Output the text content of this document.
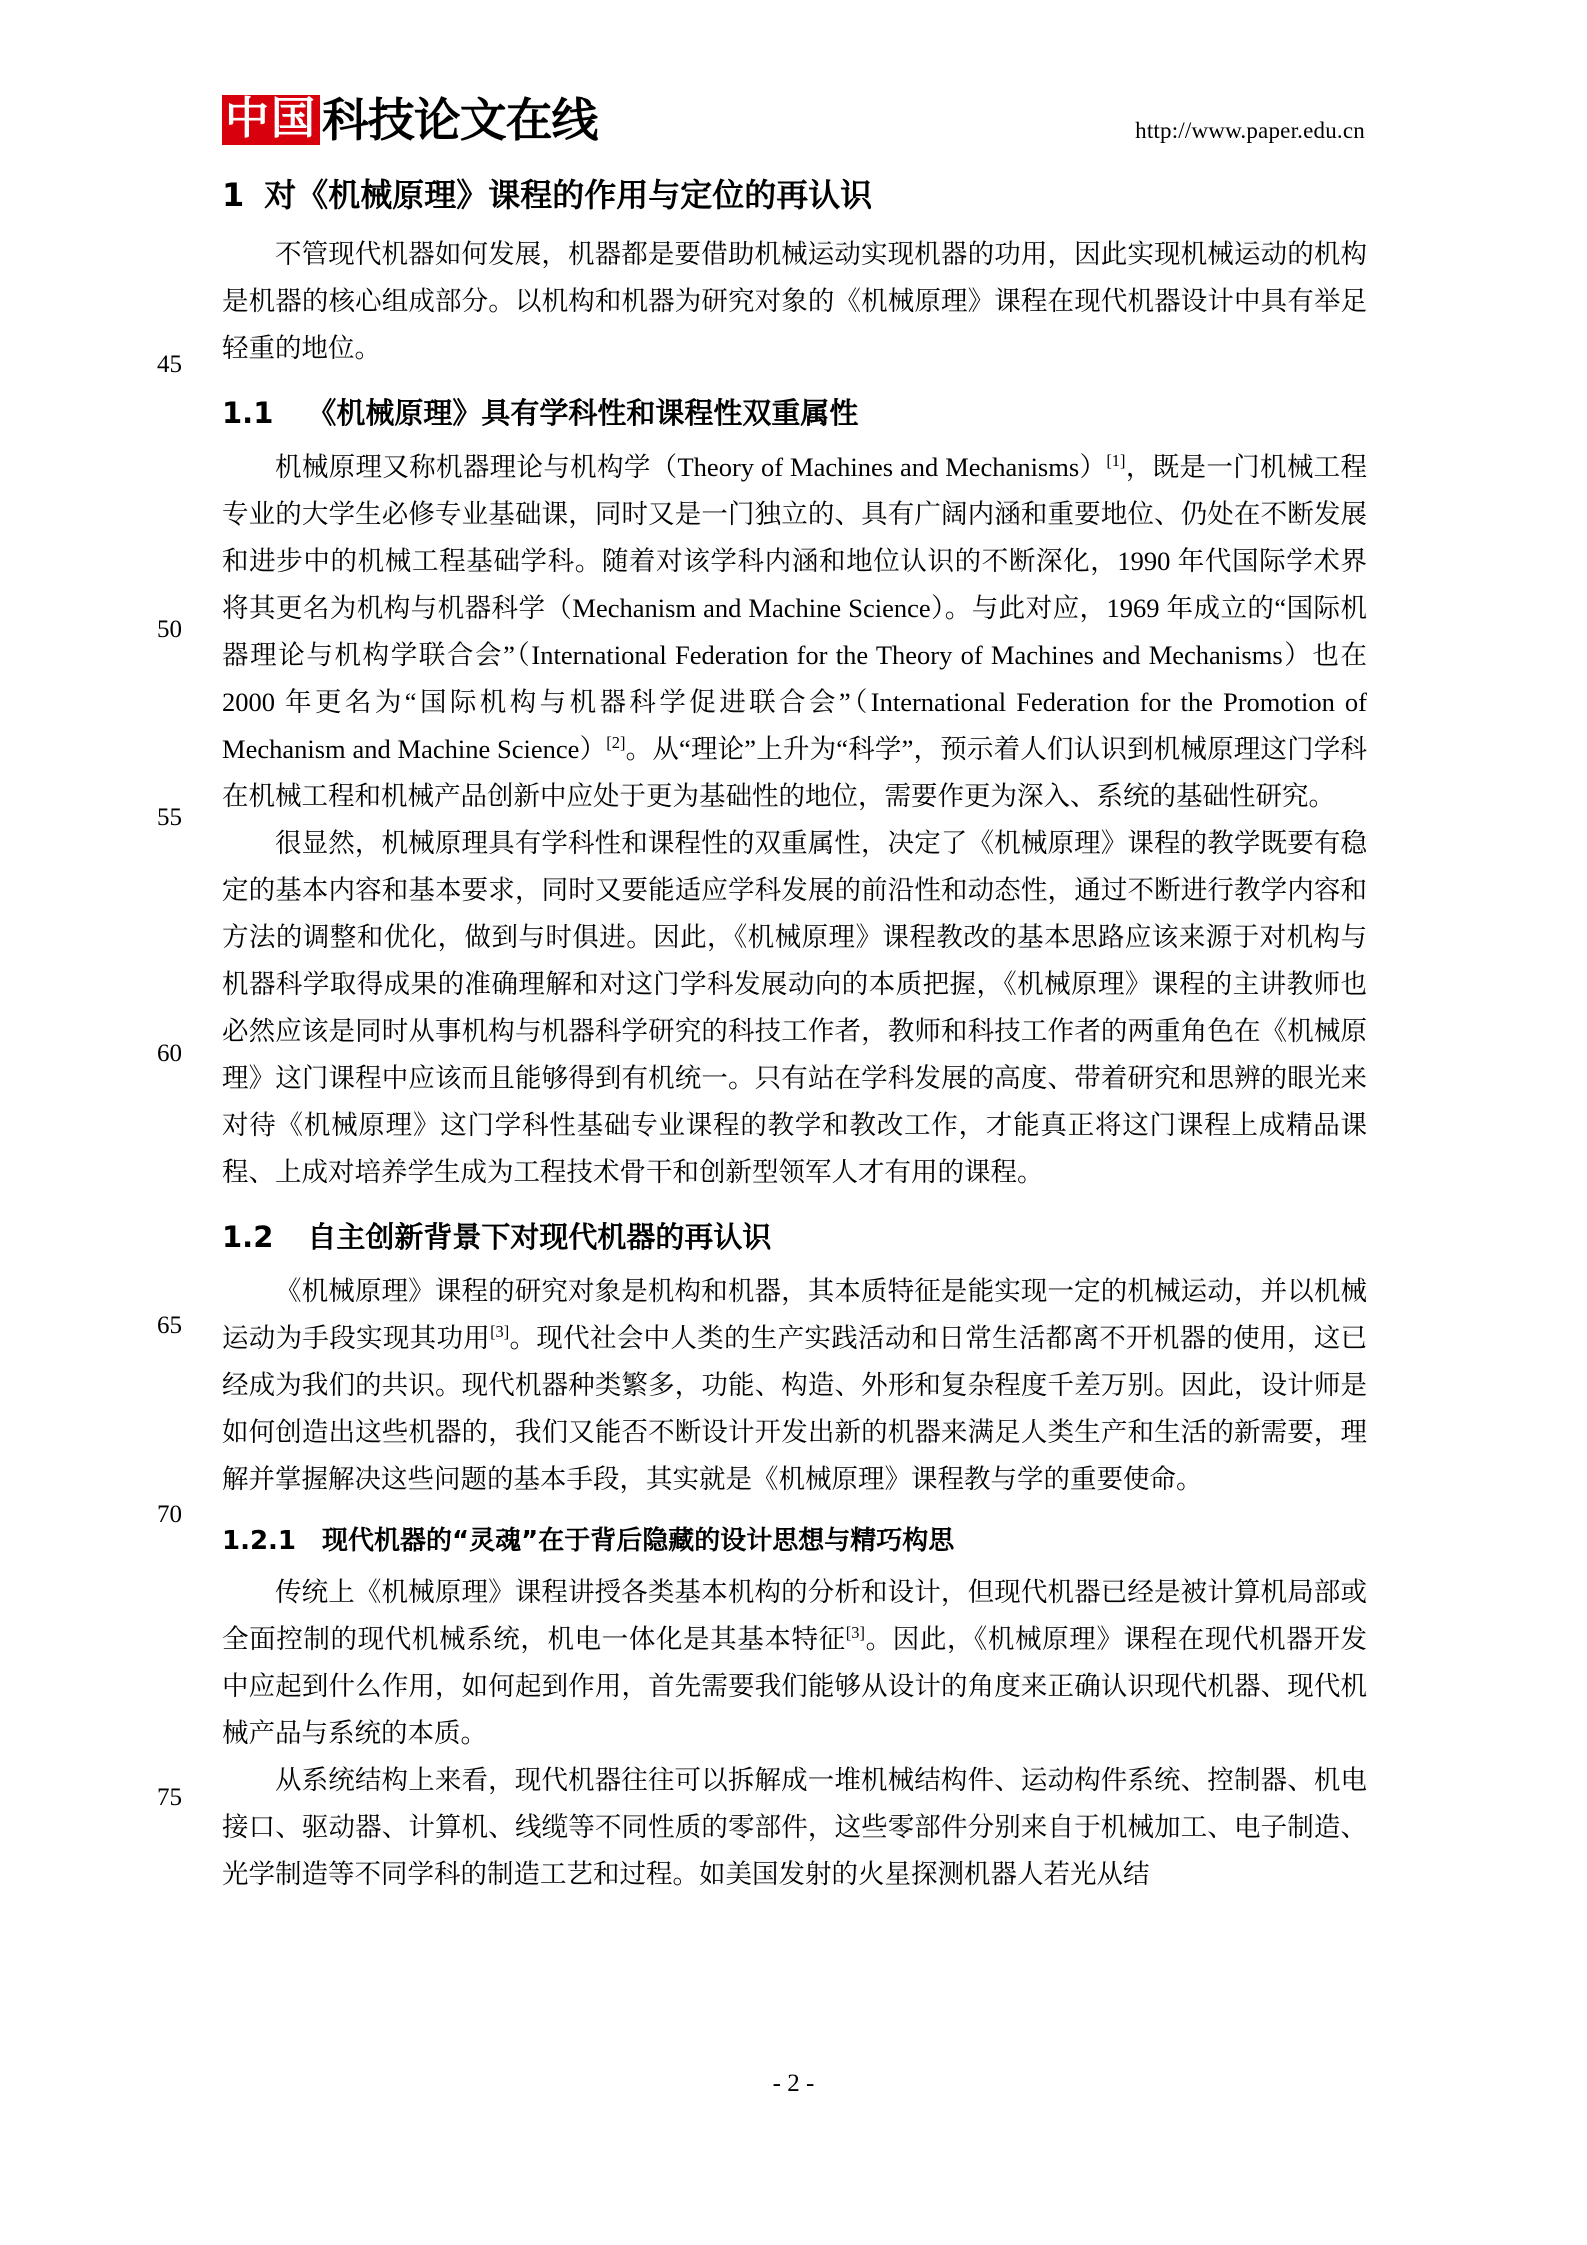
中国 科技论文在线	http://www.paper.edu.cn
45
50
55
60
65
70
75
1 对《机械原理》课程的作用与定位的再认识

不管现代机器如何发展，机器都是要借助机械运动实现机器的功用，因此实现机械运动的机构是机器的核心组成部分。以机构和机器为研究对象的《机械原理》课程在现代机器设计中具有举足轻重的地位。

1.1 《机械原理》具有学科性和课程性双重属性

机械原理又称机器理论与机构学（Theory of Machines and Mechanisms）[1]，既是一门机械工程专业的大学生必修专业基础课，同时又是一门独立的、具有广阔内涵和重要地位、仍处在不断发展和进步中的机械工程基础学科。随着对该学科内涵和地位认识的不断深化，1990 年代国际学术界将其更名为机构与机器科学（Mechanism and Machine Science）。与此对应，1969 年成立的“国际机器理论与机构学联合会”（International Federation for the Theory of Machines and Mechanisms）也在 2000 年更名为“国际机构与机器科学促进联合会”（International Federation for the Promotion of Mechanism and Machine Science）[2]。从“理论”上升为“科学”，预示着人们认识到机械原理这门学科在机械工程和机械产品创新中应处于更为基础性的地位，需要作更为深入、系统的基础性研究。

很显然，机械原理具有学科性和课程性的双重属性，决定了《机械原理》课程的教学既要有稳定的基本内容和基本要求，同时又要能适应学科发展的前沿性和动态性，通过不断进行教学内容和方法的调整和优化，做到与时俱进。因此，《机械原理》课程教改的基本思路应该来源于对机构与机器科学取得成果的准确理解和对这门学科发展动向的本质把握，《机械原理》课程的主讲教师也必然应该是同时从事机构与机器科学研究的科技工作者，教师和科技工作者的两重角色在《机械原理》这门课程中应该而且能够得到有机统一。只有站在学科发展的高度、带着研究和思辨的眼光来对待《机械原理》这门学科性基础专业课程的教学和教改工作，才能真正将这门课程上成精品课程、上成对培养学生成为工程技术骨干和创新型领军人才有用的课程。

1.2 自主创新背景下对现代机器的再认识

《机械原理》课程的研究对象是机构和机器，其本质特征是能实现一定的机械运动，并以机械运动为手段实现其功用[3]。现代社会中人类的生产实践活动和日常生活都离不开机器的使用，这已经成为我们的共识。现代机器种类繁多，功能、构造、外形和复杂程度千差万别。因此，设计师是如何创造出这些机器的，我们又能否不断设计开发出新的机器来满足人类生产和生活的新需要，理解并掌握解决这些问题的基本手段，其实就是《机械原理》课程教与学的重要使命。

1.2.1 现代机器的“灵魂”在于背后隐藏的设计思想与精巧构思

传统上《机械原理》课程讲授各类基本机构的分析和设计，但现代机器已经是被计算机局部或全面控制的现代机械系统，机电一体化是其基本特征[3]。因此，《机械原理》课程在现代机器开发中应起到什么作用，如何起到作用，首先需要我们能够从设计的角度来正确认识现代机器、现代机械产品与系统的本质。

从系统结构上来看，现代机器往往可以拆解成一堆机械结构件、运动构件系统、控制器、机电接口、驱动器、计算机、线缆等不同性质的零部件，这些零部件分别来自于机械加工、电子制造、光学制造等不同学科的制造工艺和过程。如美国发射的火星探测机器人若光从结

- 2 -
